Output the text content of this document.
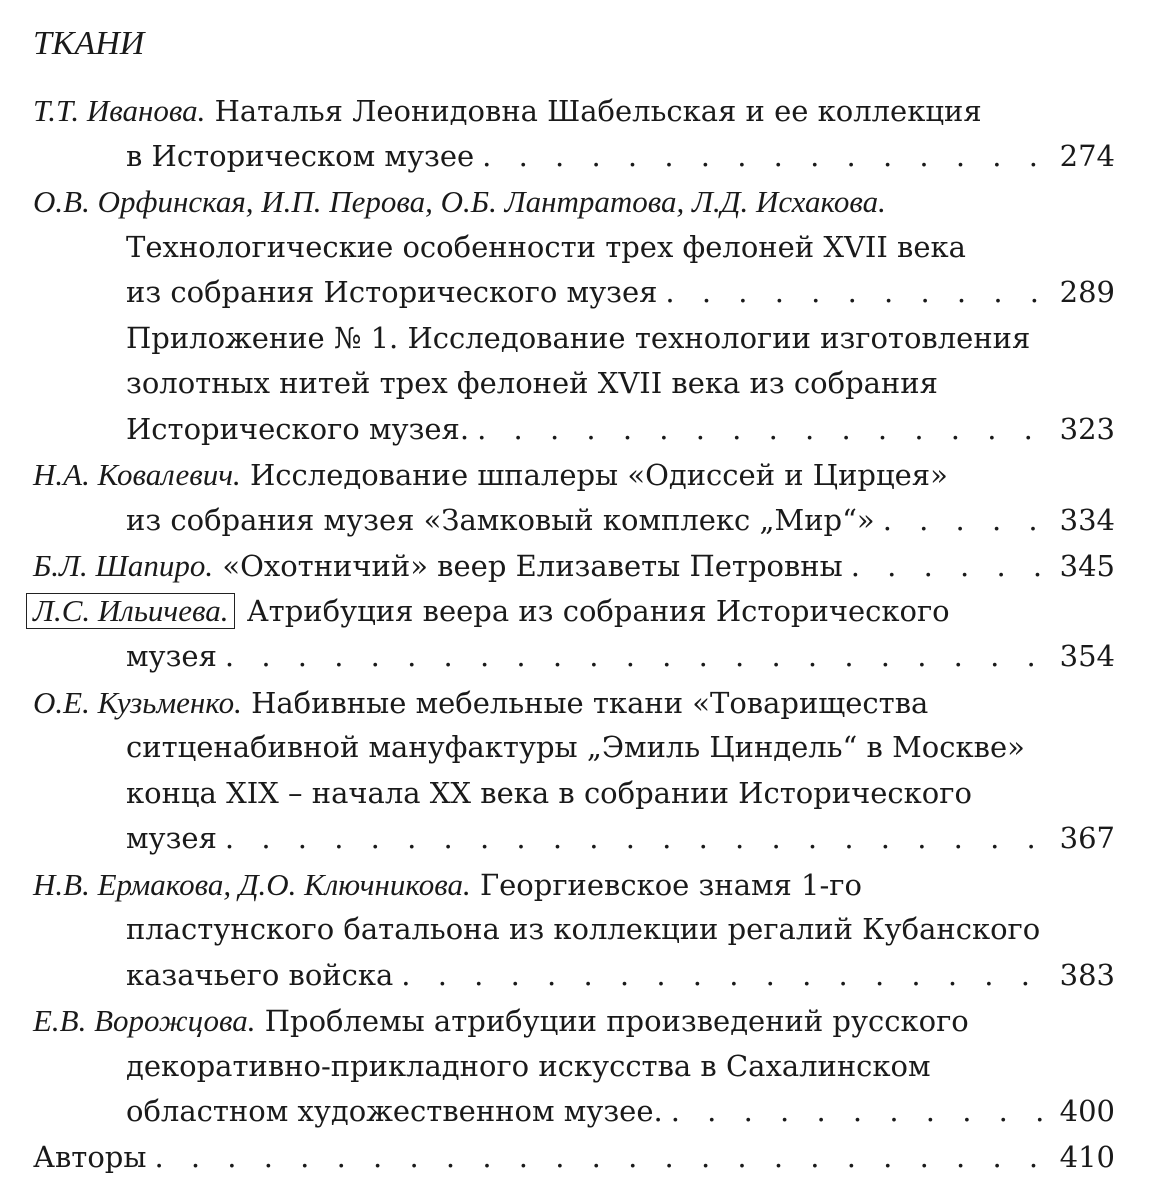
ТКАНИ
Т.Т. Иванова. Наталья Леонидовна Шабельская и ее коллекция
в Историческом музее . . .	274
О.В. Орфинская, И.П. Перова, О.Б. Лантратова, Л.Д. Исхакова.
Технологические особенности трех фелоней XVII века
из собрания Исторического музея . . .	289
Приложение № 1. Исследование технологии изготовления
золотных нитей трех фелоней XVII века из собрания
Исторического музея. . . .	323
Н.А. Ковалевич. Исследование шпалеры «Одиссей и Цирцея»
из собрания музея «Замковый комплекс „Мир“» . . .	334
Б.Л. Шапиро. «Охотничий» веер Елизаветы Петровны . . .	345
Л.С. Ильичева. Атрибуция веера из собрания Исторического
музея . . .	354
О.Е. Кузьменко. Набивные мебельные ткани «Товарищества
ситценабивной мануфактуры „Эмиль Циндель“ в Москве»
конца XIX – начала XX века в собрании Исторического
музея . . .	367
Н.В. Ермакова, Д.О. Ключникова. Георгиевское знамя 1-го
пластунского батальона из коллекции регалий Кубанского
казачьего войска . . .	383
Е.В. Ворожцова. Проблемы атрибуции произведений русского
декоративно-прикладного искусства в Сахалинском
областном художественном музее. . . .	400
Авторы . . .	410
